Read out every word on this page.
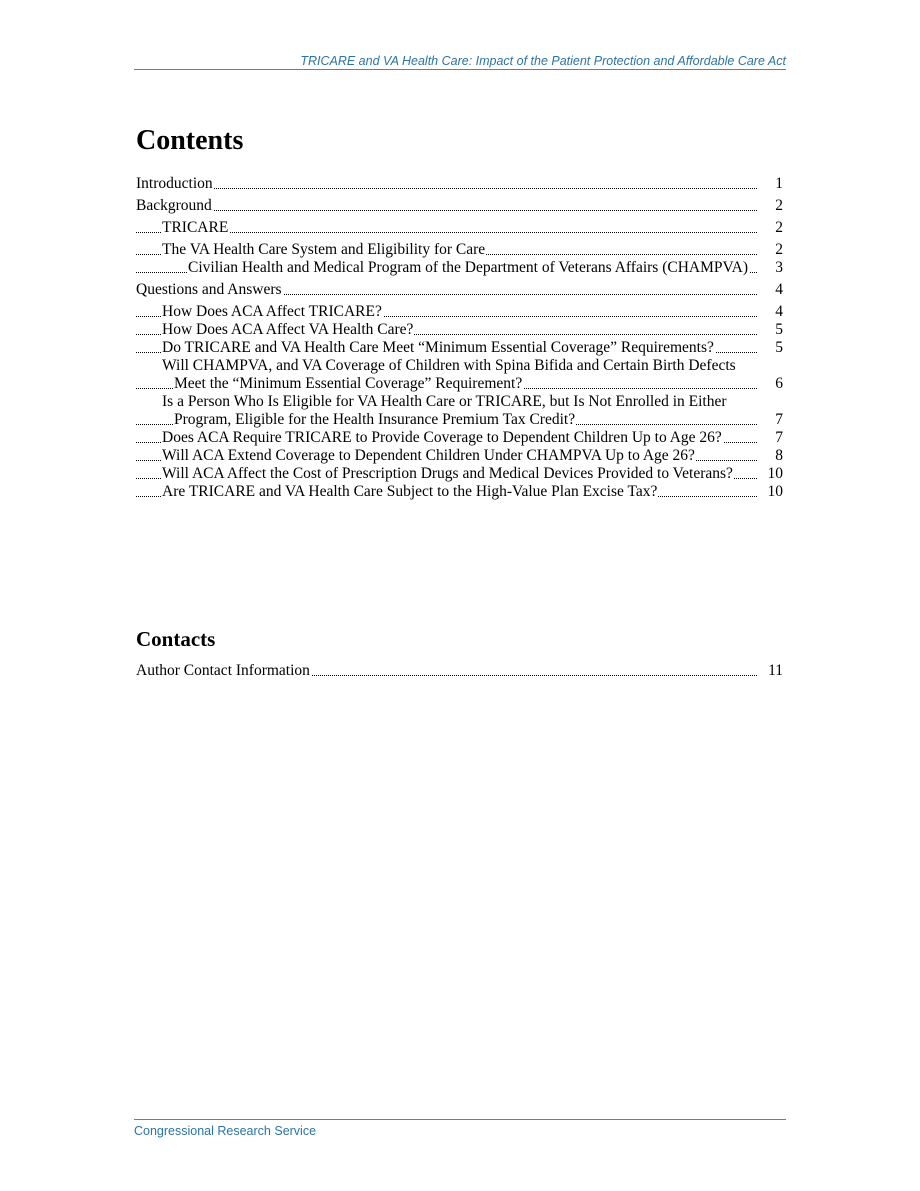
TRICARE and VA Health Care: Impact of the Patient Protection and Affordable Care Act
Contents
Introduction	1
Background	2
TRICARE	2
The VA Health Care System and Eligibility for Care	2
Civilian Health and Medical Program of the Department of Veterans Affairs (CHAMPVA)	3
Questions and Answers	4
How Does ACA Affect TRICARE?	4
How Does ACA Affect VA Health Care?	5
Do TRICARE and VA Health Care Meet “Minimum Essential Coverage” Requirements?	5
Will CHAMPVA, and VA Coverage of Children with Spina Bifida and Certain Birth Defects Meet the “Minimum Essential Coverage” Requirement?	6
Is a Person Who Is Eligible for VA Health Care or TRICARE, but Is Not Enrolled in Either Program, Eligible for the Health Insurance Premium Tax Credit?	7
Does ACA Require TRICARE to Provide Coverage to Dependent Children Up to Age 26?	7
Will ACA Extend Coverage to Dependent Children Under CHAMPVA Up to Age 26?	8
Will ACA Affect the Cost of Prescription Drugs and Medical Devices Provided to Veterans?	10
Are TRICARE and VA Health Care Subject to the High-Value Plan Excise Tax?	10
Contacts
Author Contact Information	11
Congressional Research Service
